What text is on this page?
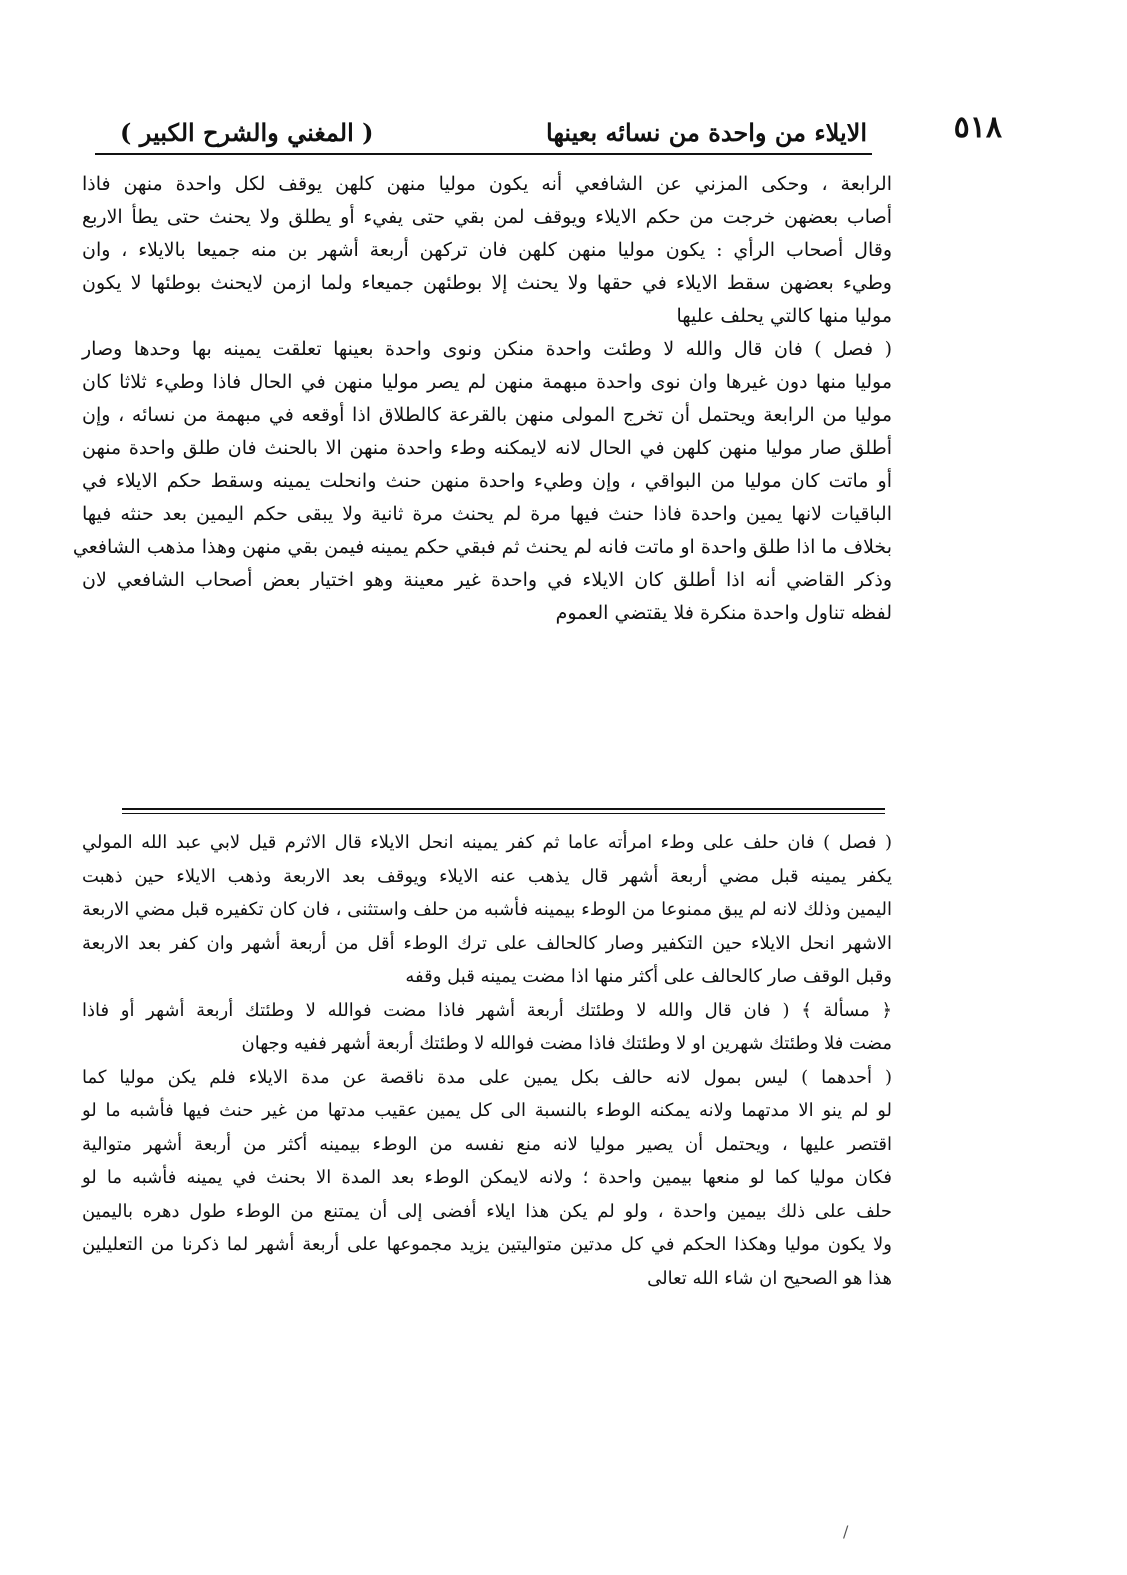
٥١٨
الايلاء من واحدة من نسائه بعينها
( المغني والشرح الكبير )
الرابعة ، وحكى المزني عن الشافعي أنه يكون موليا منهن كلهن يوقف لكل واحدة منهن فاذا
أصاب بعضهن خرجت من حكم الايلاء ويوقف لمن بقي حتى يفيء أو يطلق ولا يحنث حتى يطأ الاربع
وقال أصحاب الرأي : يكون موليا منهن كلهن فان تركهن أربعة أشهر بن منه جميعا بالايلاء ، وان
وطيء بعضهن سقط الايلاء في حقها ولا يحنث إلا بوطئهن جميعاء ولما ازمن لايحنث بوطئها لا يكون
موليا منها كالتي يحلف عليها
( فصل ) فان قال والله لا وطئت واحدة منكن ونوى واحدة بعينها تعلقت يمينه بها وحدها وصار
موليا منها دون غيرها وان نوى واحدة مبهمة منهن لم يصر موليا منهن في الحال فاذا وطيء ثلاثا كان
موليا من الرابعة ويحتمل أن تخرج المولى منهن بالقرعة كالطلاق اذا أوقعه في مبهمة من نسائه ، وإن
أطلق صار موليا منهن كلهن في الحال لانه لايمكنه وطء واحدة منهن الا بالحنث فان طلق واحدة منهن
أو ماتت كان موليا من البواقي ، وإن وطيء واحدة منهن حنث وانحلت يمينه وسقط حكم الايلاء في
الباقيات لانها يمين واحدة فاذا حنث فيها مرة لم يحنث مرة ثانية ولا يبقى حكم اليمين بعد حنثه فيها
بخلاف ما اذا طلق واحدة او ماتت فانه لم يحنث ثم فبقي حكم يمينه فيمن بقي منهن وهذا مذهب الشافعي
وذكر القاضي أنه اذا أطلق كان الايلاء في واحدة غير معينة وهو اختيار بعض أصحاب الشافعي لان
لفظه تناول واحدة منكرة فلا يقتضي العموم
( فصل ) فان حلف على وطء امرأته عاما ثم كفر يمينه انحل الايلاء قال الاثرم قيل لابي عبد الله المولي
يكفر يمينه قبل مضي أربعة أشهر قال يذهب عنه الايلاء ويوقف بعد الاربعة وذهب الايلاء حين ذهبت
اليمين وذلك لانه لم يبق ممنوعا من الوطء بيمينه فأشبه من حلف واستثنى ، فان كان تكفيره قبل مضي الاربعة
الاشهر انحل الايلاء حين التكفير وصار كالحالف على ترك الوطء أقل من أربعة أشهر وان كفر بعد الاربعة
وقبل الوقف صار كالحالف على أكثر منها اذا مضت يمينه قبل وقفه
﴿ مسألة ﴾ ( فان قال والله لا وطئتك أربعة أشهر فاذا مضت فوالله لا وطئتك أربعة أشهر أو فاذا
مضت فلا وطئتك شهرين او لا وطئتك فاذا مضت فوالله لا وطئتك أربعة أشهر ففيه وجهان
( أحدهما ) ليس بمول لانه حالف بكل يمين على مدة ناقصة عن مدة الايلاء فلم يكن موليا كما
لو لم ينو الا مدتهما ولانه يمكنه الوطء بالنسبة الى كل يمين عقيب مدتها من غير حنث فيها فأشبه ما لو
اقتصر عليها ، ويحتمل أن يصير موليا لانه منع نفسه من الوطء بيمينه أكثر من أربعة أشهر متوالية
فكان موليا كما لو منعها بيمين واحدة ؛ ولانه لايمكن الوطء بعد المدة الا بحنث في يمينه فأشبه ما لو
حلف على ذلك بيمين واحدة ، ولو لم يكن هذا ايلاء أفضى إلى أن يمتنع من الوطء طول دهره باليمين
ولا يكون موليا وهكذا الحكم في كل مدتين متواليتين يزيد مجموعها على أربعة أشهر لما ذكرنا من التعليلين
هذا هو الصحيح ان شاء الله تعالى
/
